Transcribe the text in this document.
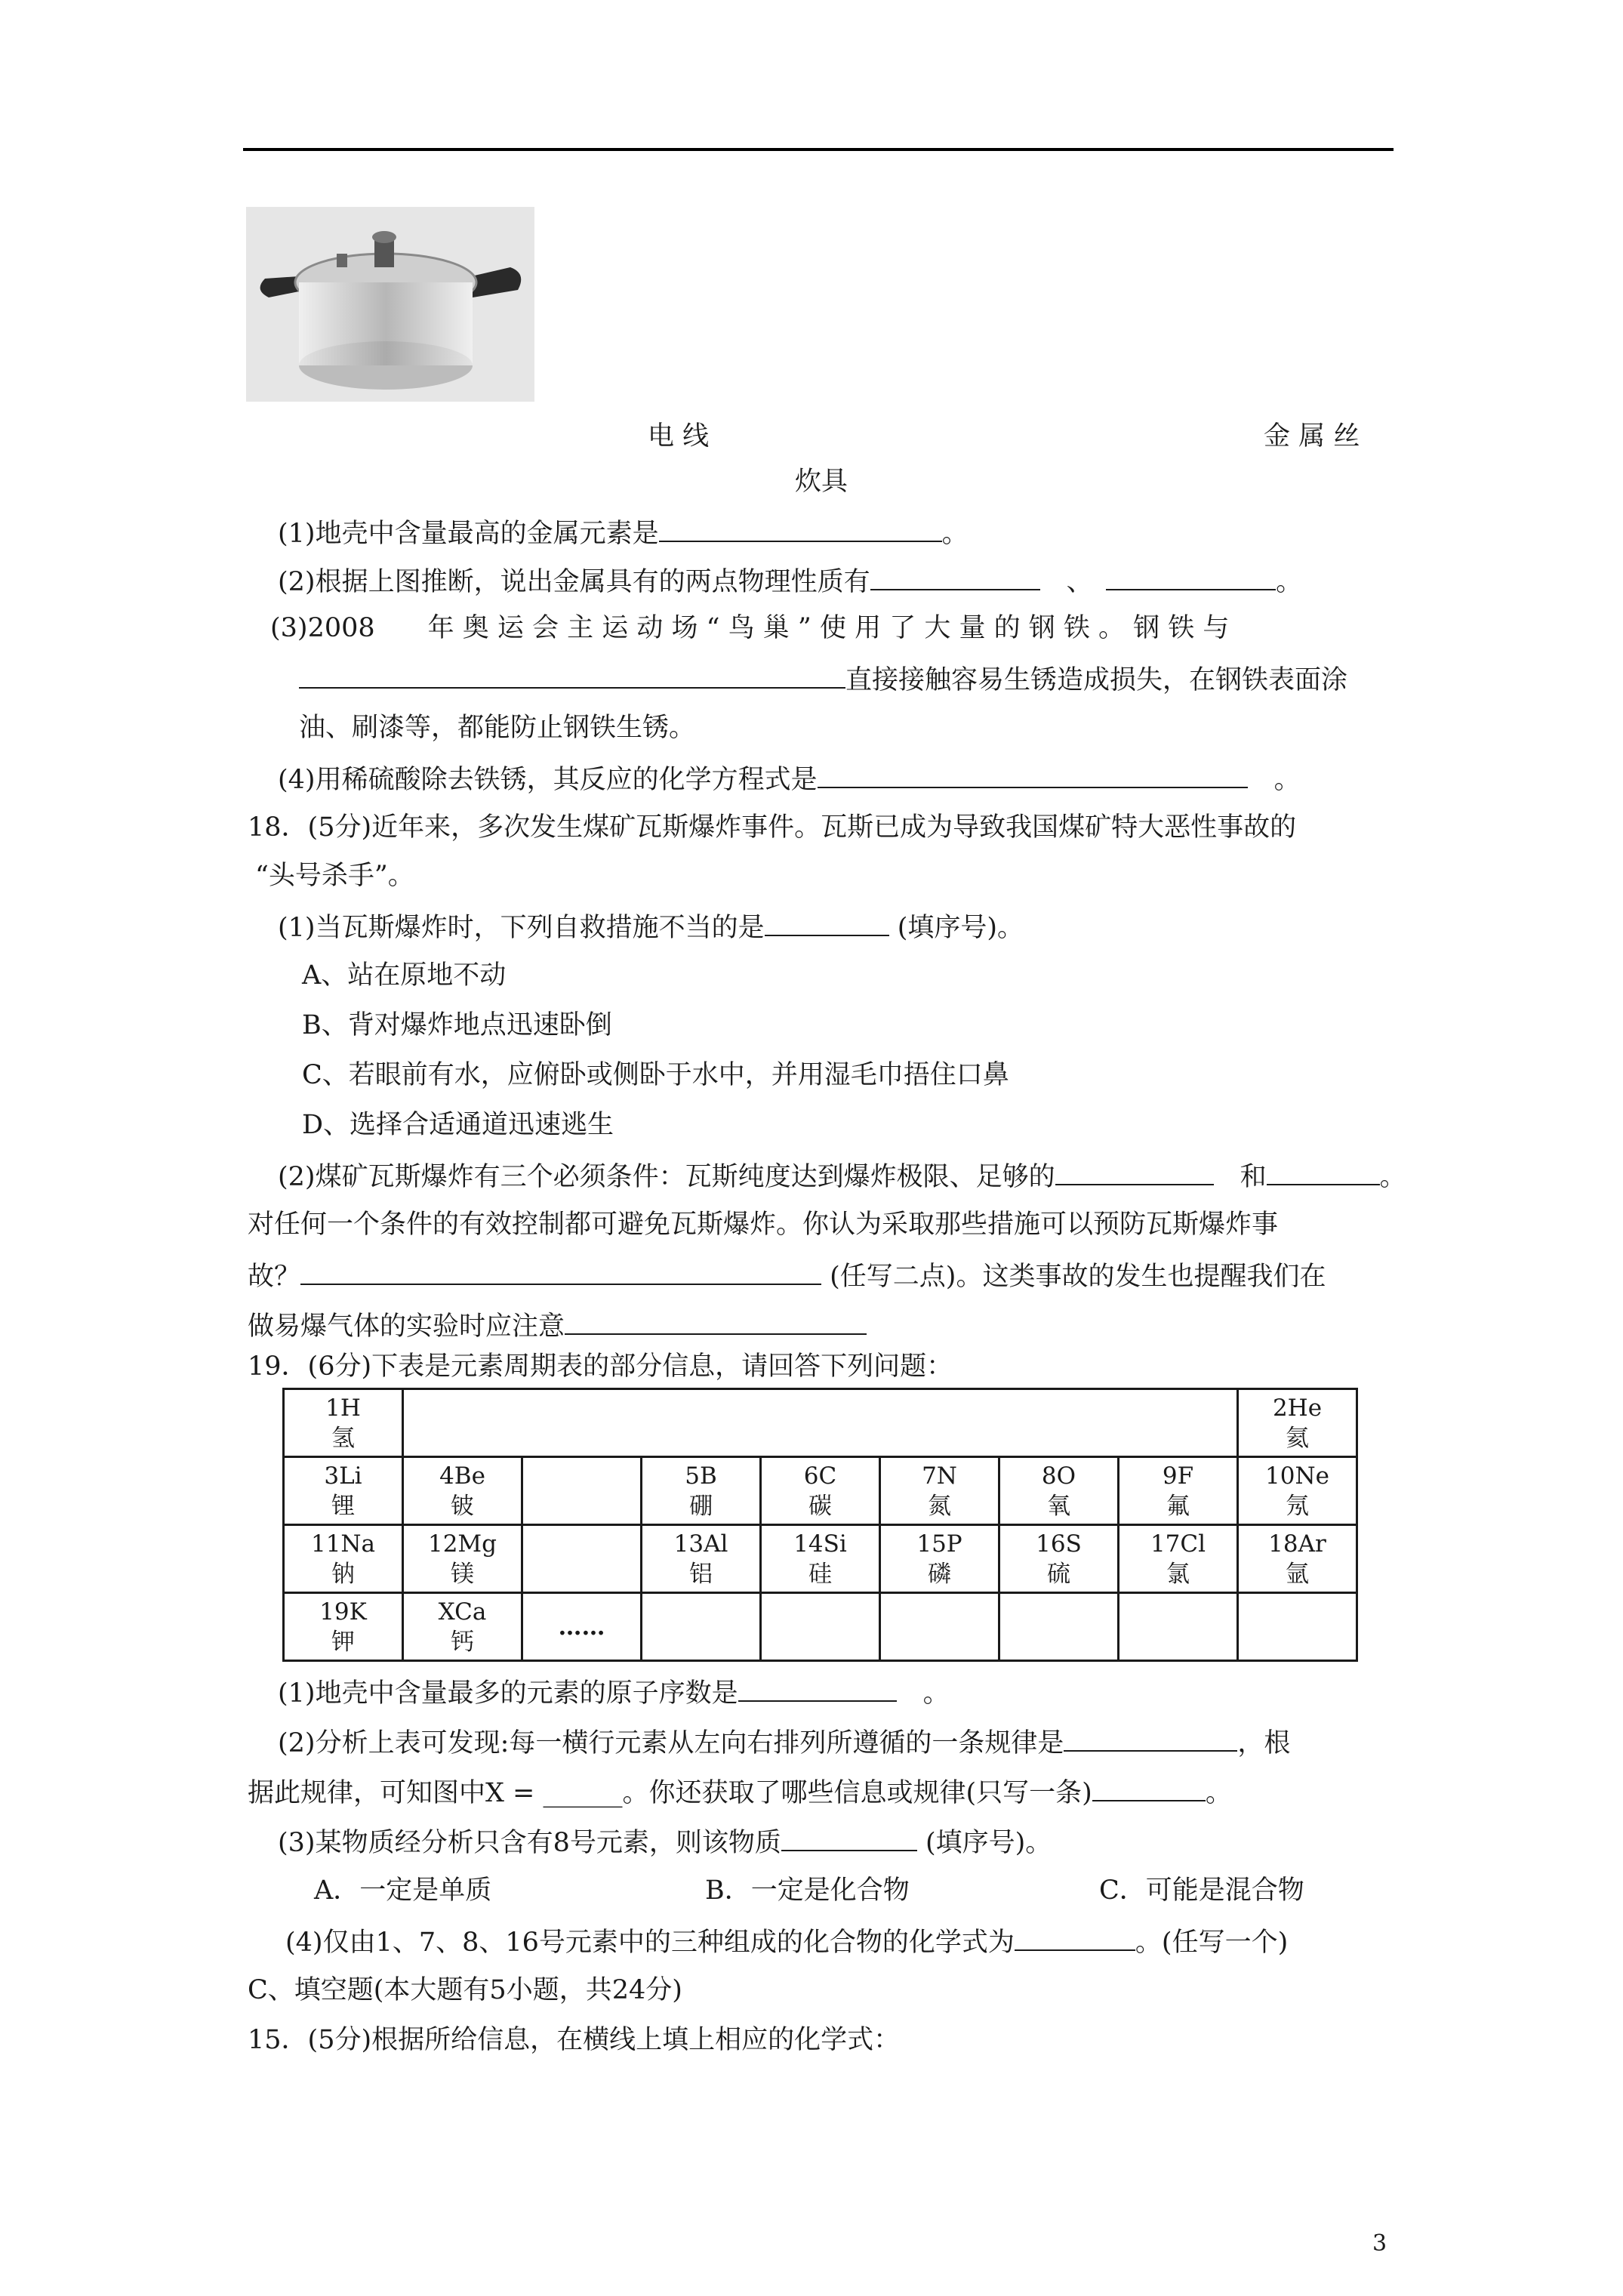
电 线	金 属 丝
炊具
(1)地壳中含量最高的金属元素是	。
(2)根据上图推断，说出金属具有的两点物理性质有　	、　	。
(3)2008　　年 奥 运 会 主 运 动 场 “ 鸟 巢 ” 使 用 了 大 量 的 钢 铁 。 钢 铁 与
直接接触容易生锈造成损失，在钢铁表面涂
油、刷漆等，都能防止钢铁生锈。
(4)用稀硫酸除去铁锈，其反应的化学方程式是　	。
18．(5分)近年来，多次发生煤矿瓦斯爆炸事件。瓦斯已成为导致我国煤矿特大恶性事故的
“头号杀手”。
(1)当瓦斯爆炸时，下列自救措施不当的是	(填序号)。
A、站在原地不动
B、背对爆炸地点迅速卧倒
C、若眼前有水，应俯卧或侧卧于水中，并用湿毛巾捂住口鼻
D、选择合适通道迅速逃生
(2)煤矿瓦斯爆炸有三个必须条件：瓦斯纯度达到爆炸极限、足够的　	和	。
对任何一个条件的有效控制都可避免瓦斯爆炸。你认为采取那些措施可以预防瓦斯爆炸事
故？	(任写二点)。这类事故的发生也提醒我们在
做易爆气体的实验时应注意
19．(6分)下表是元素周期表的部分信息，请回答下列问题：
1H
氢								2He
氦

3Li
锂	4Be
铍		5B
硼	6C
碳	7N
氮	8O
氧	9F
氟	10Ne
氖

11Na
钠	12Mg
镁		13Al
铝	14Si
硅	15P
磷	16S
硫	17Cl
氯	18Ar
氩

19K
钾	XCa
钙	……						
(1)地壳中含量最多的元素的原子序数是　	。
(2)分析上表可发现:每一横行元素从左向右排列所遵循的一条规律是	，根
据此规律，可知图中X = ______。你还获取了哪些信息或规律(只写一条)	。
(3)某物质经分析只含有8号元素，则该物质	(填序号)。
A．一定是单质	B．一定是化合物	C．可能是混合物
(4)仅由1、7、8、16号元素中的三种组成的化合物的化学式为	。(任写一个)
C、填空题(本大题有5小题，共24分)
15．(5分)根据所给信息，在横线上填上相应的化学式：
3
